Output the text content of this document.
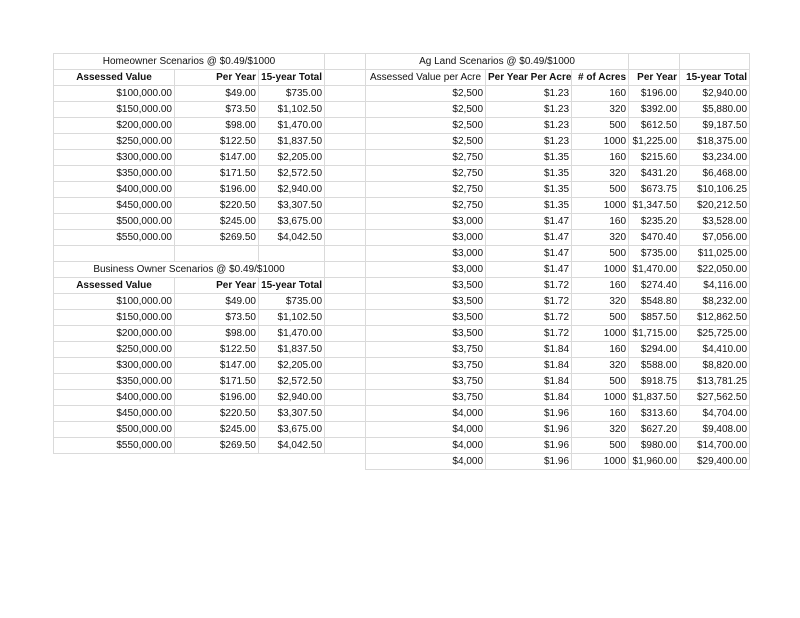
Homeowner Scenarios @ $0.49/$1000				Ag Land Scenarios @ $0.49/$1000				
Assessed Value	Per Year	15-year Total		Assessed Value per Acre	Per Year Per Acre	# of Acres	Per Year	15-year Total
$100,000.00	$49.00	$735.00		$2,500	$1.23	160	$196.00	$2,940.00
$150,000.00	$73.50	$1,102.50		$2,500	$1.23	320	$392.00	$5,880.00
$200,000.00	$98.00	$1,470.00		$2,500	$1.23	500	$612.50	$9,187.50
$250,000.00	$122.50	$1,837.50		$2,500	$1.23	1000	$1,225.00	$18,375.00
$300,000.00	$147.00	$2,205.00		$2,750	$1.35	160	$215.60	$3,234.00
$350,000.00	$171.50	$2,572.50		$2,750	$1.35	320	$431.20	$6,468.00
$400,000.00	$196.00	$2,940.00		$2,750	$1.35	500	$673.75	$10,106.25
$450,000.00	$220.50	$3,307.50		$2,750	$1.35	1000	$1,347.50	$20,212.50
$500,000.00	$245.00	$3,675.00		$3,000	$1.47	160	$235.20	$3,528.00
$550,000.00	$269.50	$4,042.50		$3,000	$1.47	320	$470.40	$7,056.00
				$3,000	$1.47	500	$735.00	$11,025.00
Business Owner Scenarios @ $0.49/$1000				$3,000	$1.47	1000	$1,470.00	$22,050.00
Assessed Value	Per Year	15-year Total		$3,500	$1.72	160	$274.40	$4,116.00
$100,000.00	$49.00	$735.00		$3,500	$1.72	320	$548.80	$8,232.00
$150,000.00	$73.50	$1,102.50		$3,500	$1.72	500	$857.50	$12,862.50
$200,000.00	$98.00	$1,470.00		$3,500	$1.72	1000	$1,715.00	$25,725.00
$250,000.00	$122.50	$1,837.50		$3,750	$1.84	160	$294.00	$4,410.00
$300,000.00	$147.00	$2,205.00		$3,750	$1.84	320	$588.00	$8,820.00
$350,000.00	$171.50	$2,572.50		$3,750	$1.84	500	$918.75	$13,781.25
$400,000.00	$196.00	$2,940.00		$3,750	$1.84	1000	$1,837.50	$27,562.50
$450,000.00	$220.50	$3,307.50		$4,000	$1.96	160	$313.60	$4,704.00
$500,000.00	$245.00	$3,675.00		$4,000	$1.96	320	$627.20	$9,408.00
$550,000.00	$269.50	$4,042.50		$4,000	$1.96	500	$980.00	$14,700.00
				$4,000	$1.96	1000	$1,960.00	$29,400.00
